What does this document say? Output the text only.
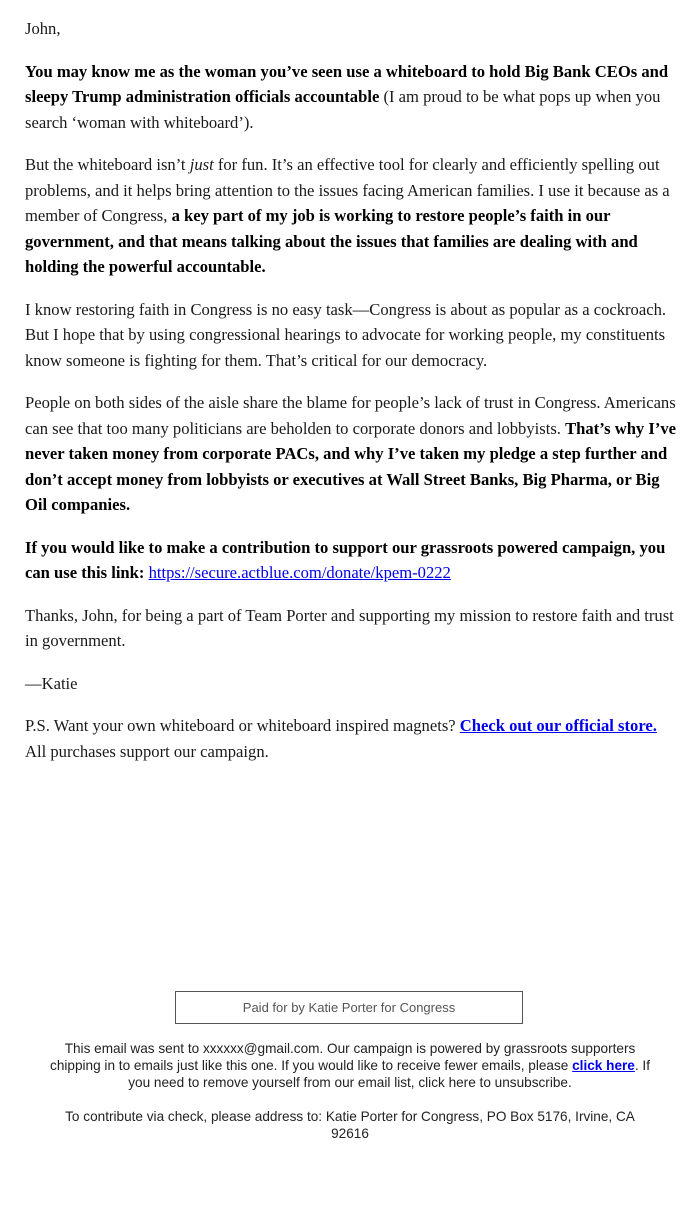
John,

You may know me as the woman you’ve seen use a whiteboard to hold Big Bank CEOs and sleepy Trump administration officials accountable (I am proud to be what pops up when you search ‘woman with whiteboard’).

But the whiteboard isn’t just for fun. It’s an effective tool for clearly and efficiently spelling out problems, and it helps bring attention to the issues facing American families. I use it because as a member of Congress, a key part of my job is working to restore people’s faith in our government, and that means talking about the issues that families are dealing with and holding the powerful accountable.

I know restoring faith in Congress is no easy task—Congress is about as popular as a cockroach. But I hope that by using congressional hearings to advocate for working people, my constituents know someone is fighting for them. That’s critical for our democracy.

People on both sides of the aisle share the blame for people’s lack of trust in Congress. Americans can see that too many politicians are beholden to corporate donors and lobbyists. That’s why I’ve never taken money from corporate PACs, and why I’ve taken my pledge a step further and don’t accept money from lobbyists or executives at Wall Street Banks, Big Pharma, or Big Oil companies.

If you would like to make a contribution to support our grassroots powered campaign, you can use this link: https://secure.actblue.com/donate/kpem-0222

Thanks, John, for being a part of Team Porter and supporting my mission to restore faith and trust in government.

—Katie

P.S. Want your own whiteboard or whiteboard inspired magnets? Check out our official store. All purchases support our campaign.

Paid for by Katie Porter for Congress

This email was sent to xxxxxx@gmail.com. Our campaign is powered by grassroots supporters chipping in to emails just like this one. If you would like to receive fewer emails, please click here. If you need to remove yourself from our email list, click here to unsubscribe.

To contribute via check, please address to: Katie Porter for Congress, PO Box 5176, Irvine, CA 92616
